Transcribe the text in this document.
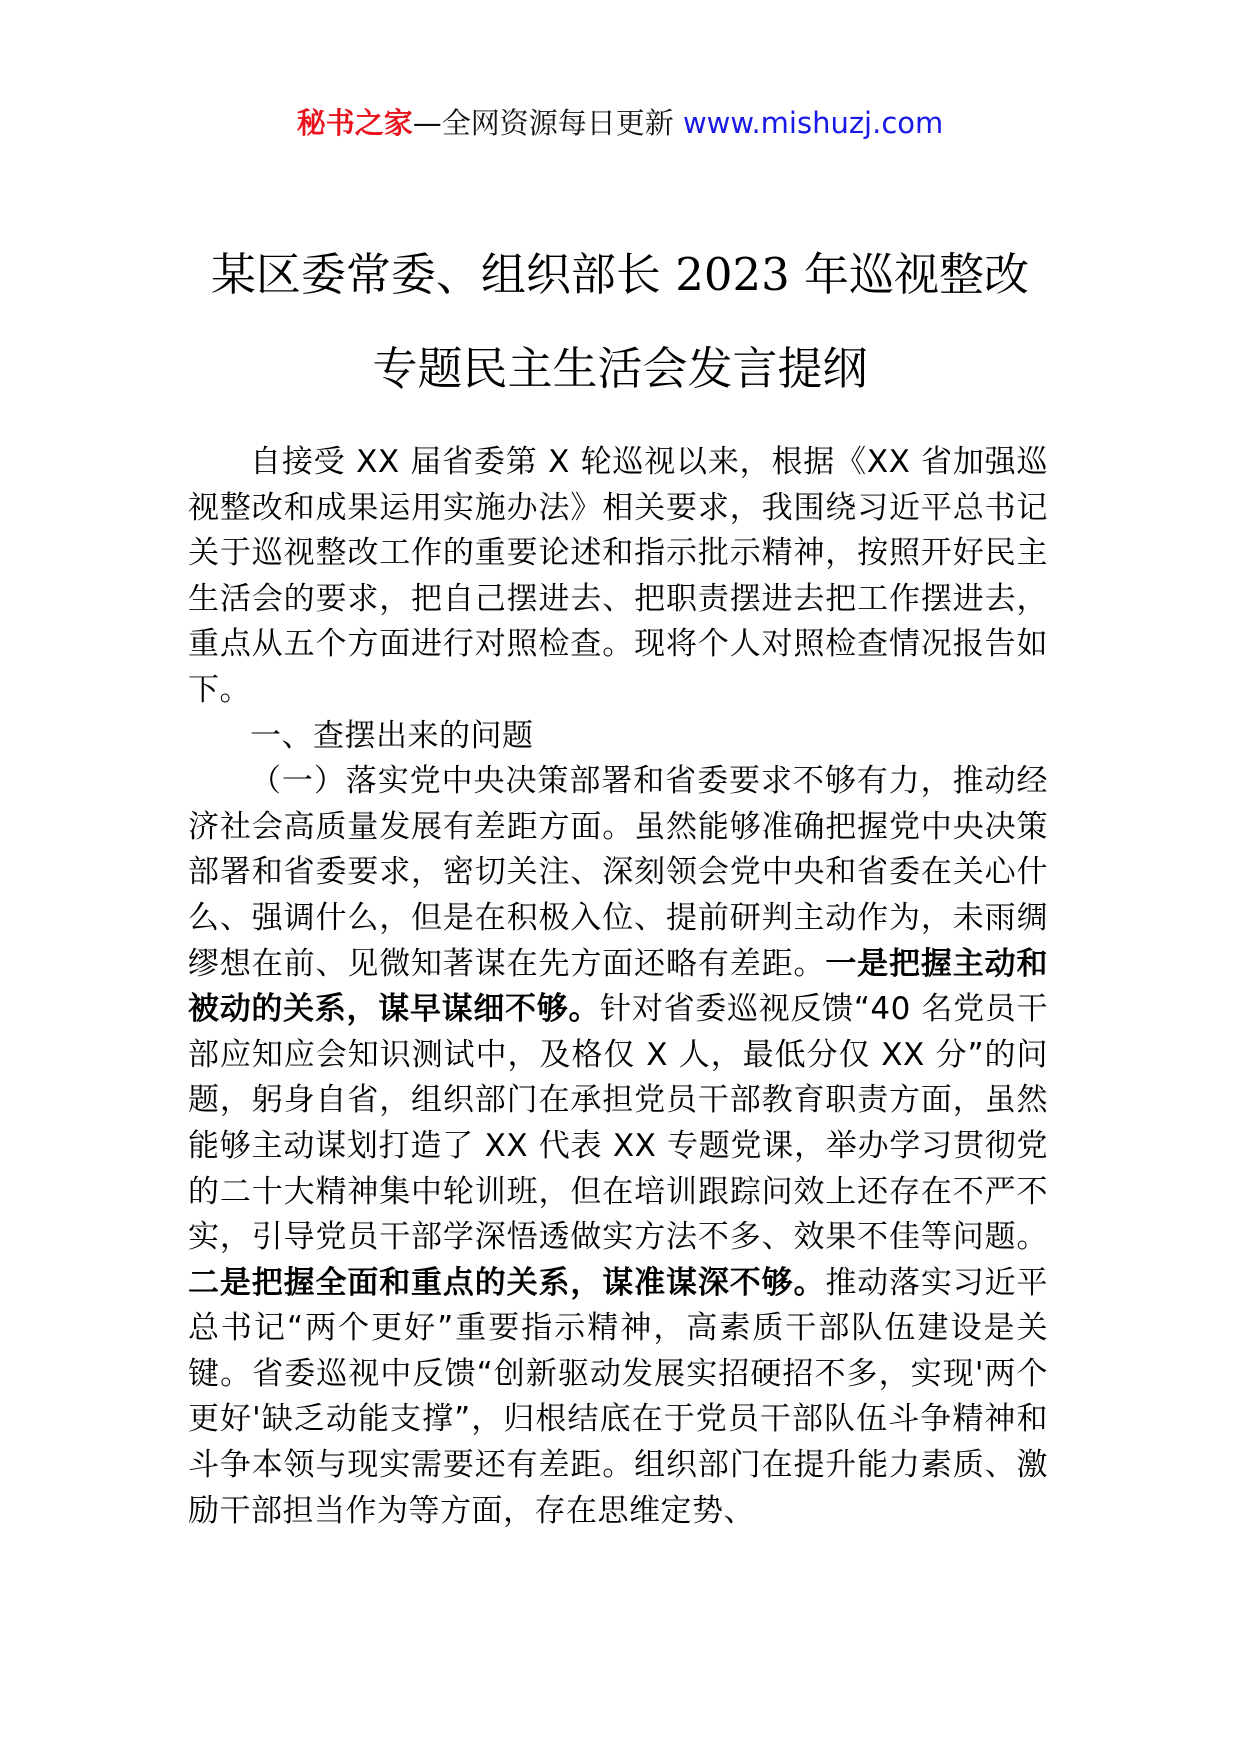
秘书之家—全网资源每日更新 www.mishuzj.com
某区委常委、组织部长 2023 年巡视整改
专题民主生活会发言提纲

自接受 XX 届省委第 X 轮巡视以来，根据《XX 省加强巡视整改和成果运用实施办法》相关要求，我围绕习近平总书记关于巡视整改工作的重要论述和指示批示精神，按照开好民主生活会的要求，把自己摆进去、把职责摆进去把工作摆进去，重点从五个方面进行对照检查。现将个人对照检查情况报告如下。

一、查摆出来的问题

（一）落实党中央决策部署和省委要求不够有力，推动经济社会高质量发展有差距方面。虽然能够准确把握党中央决策部署和省委要求，密切关注、深刻领会党中央和省委在关心什么、强调什么，但是在积极入位、提前研判主动作为，未雨绸缪想在前、见微知著谋在先方面还略有差距。一是把握主动和被动的关系，谋早谋细不够。针对省委巡视反馈“40 名党员干部应知应会知识测试中，及格仅 X 人，最低分仅 XX 分”的问题，躬身自省，组织部门在承担党员干部教育职责方面，虽然能够主动谋划打造了 XX 代表 XX 专题党课，举办学习贯彻党的二十大精神集中轮训班，但在培训跟踪问效上还存在不严不实，引导党员干部学深悟透做实方法不多、效果不佳等问题。二是把握全面和重点的关系，谋准谋深不够。推动落实习近平总书记“两个更好”重要指示精神，高素质干部队伍建设是关键。省委巡视中反馈“创新驱动发展实招硬招不多，实现'两个更好'缺乏动能支撑”，归根结底在于党员干部队伍斗争精神和斗争本领与现实需要还有差距。组织部门在提升能力素质、激励干部担当作为等方面，存在思维定势、
